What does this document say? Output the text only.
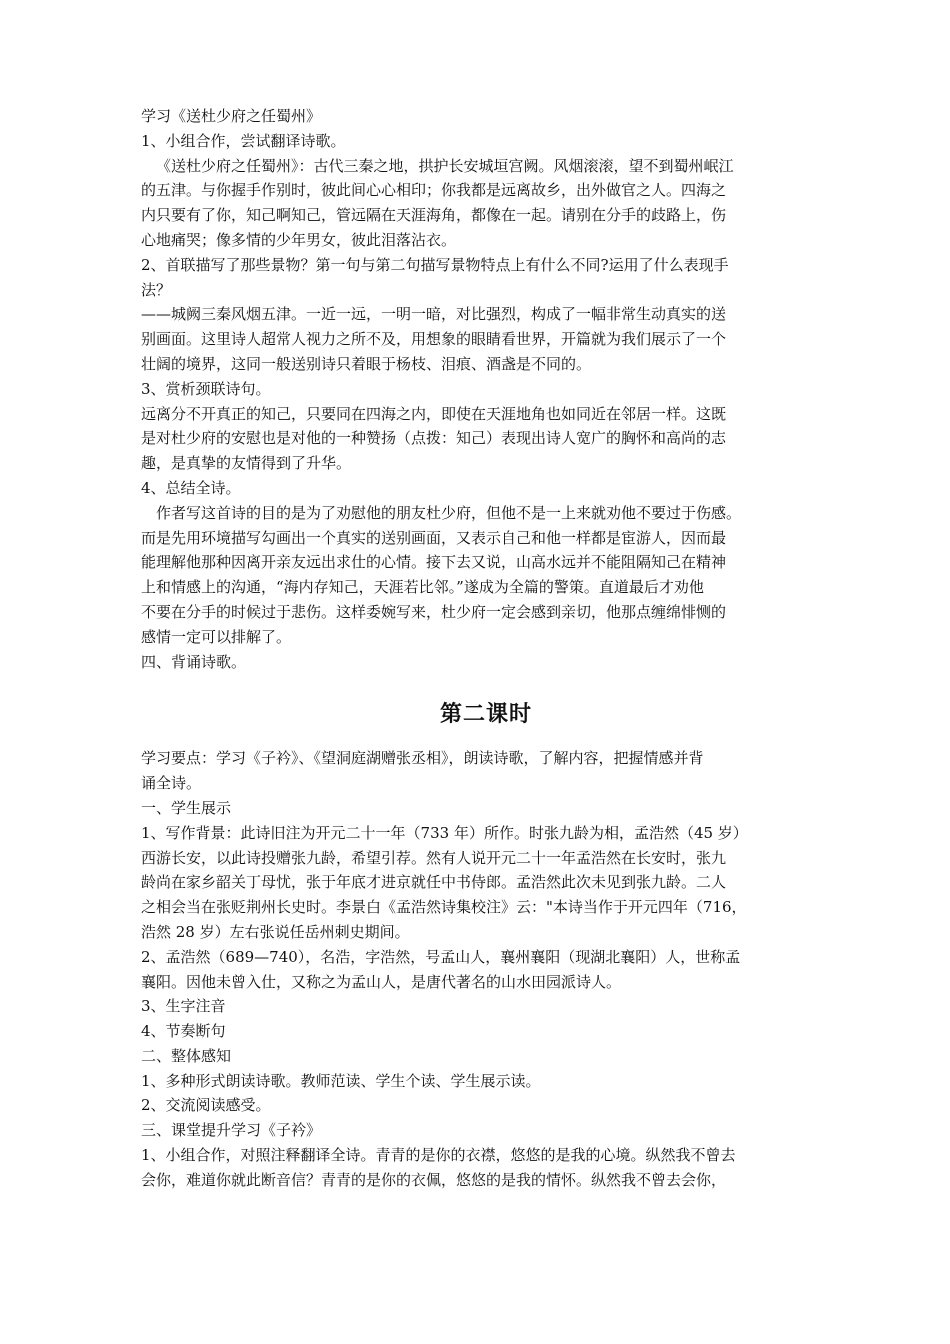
学习《送杜少府之任蜀州》

1、小组合作，尝试翻译诗歌。

《送杜少府之任蜀州》：古代三秦之地，拱护长安城垣宫阙。风烟滚滚，望不到蜀州岷江

的五津。与你握手作别时，彼此间心心相印；你我都是远离故乡，出外做官之人。四海之

内只要有了你，知己啊知己，管远隔在天涯海角，都像在一起。请别在分手的歧路上，伤

心地痛哭；像多情的少年男女，彼此泪落沾衣。

2、首联描写了那些景物？第一句与第二句描写景物特点上有什么不同?运用了什么表现手

法？

——城阙三秦风烟五津。一近一远，一明一暗，对比强烈，构成了一幅非常生动真实的送

别画面。这里诗人超常人视力之所不及，用想象的眼睛看世界，开篇就为我们展示了一个

壮阔的境界，这同一般送别诗只着眼于杨枝、泪痕、酒盏是不同的。

3、赏析颈联诗句。

远离分不开真正的知己，只要同在四海之内，即使在天涯地角也如同近在邻居一样。这既

是对杜少府的安慰也是对他的一种赞扬（点拨：知己）表现出诗人宽广的胸怀和高尚的志

趣，是真挚的友情得到了升华。

4、总结全诗。

作者写这首诗的目的是为了劝慰他的朋友杜少府，但他不是一上来就劝他不要过于伤感。

而是先用环境描写勾画出一个真实的送别画面，又表示自己和他一样都是宦游人，因而最

能理解他那种因离开亲友远出求仕的心情。接下去又说，山高水远并不能阻隔知己在精神

上和情感上的沟通，“海内存知己，天涯若比邻。”遂成为全篇的警策。直道最后才劝他

不要在分手的时候过于悲伤。这样委婉写来，杜少府一定会感到亲切，他那点缠绵悱恻的

感情一定可以排解了。

四、背诵诗歌。

第二课时

学习要点：学习《子衿》、《望洞庭湖赠张丞相》，朗读诗歌，了解内容，把握情感并背

诵全诗。

一、学生展示

1、写作背景：此诗旧注为开元二十一年（733 年）所作。时张九龄为相，孟浩然（45 岁）

西游长安，以此诗投赠张九龄，希望引荐。然有人说开元二十一年孟浩然在长安时，张九

龄尚在家乡韶关丁母忧，张于年底才进京就任中书侍郎。孟浩然此次未见到张九龄。二人

之相会当在张贬荆州长史时。李景白《孟浩然诗集校注》云："本诗当作于开元四年（716，

浩然 28 岁）左右张说任岳州刺史期间。

2、孟浩然（689—740），名浩，字浩然，号孟山人，襄州襄阳（现湖北襄阳）人，世称孟

襄阳。因他未曾入仕，又称之为孟山人，是唐代著名的山水田园派诗人。

3、生字注音

4、节奏断句

二、整体感知

1、多种形式朗读诗歌。教师范读、学生个读、学生展示读。

2、交流阅读感受。

三、课堂提升学习《子衿》

1、小组合作，对照注释翻译全诗。青青的是你的衣襟，悠悠的是我的心境。纵然我不曾去

会你，难道你就此断音信？青青的是你的衣佩，悠悠的是我的情怀。纵然我不曾去会你，
